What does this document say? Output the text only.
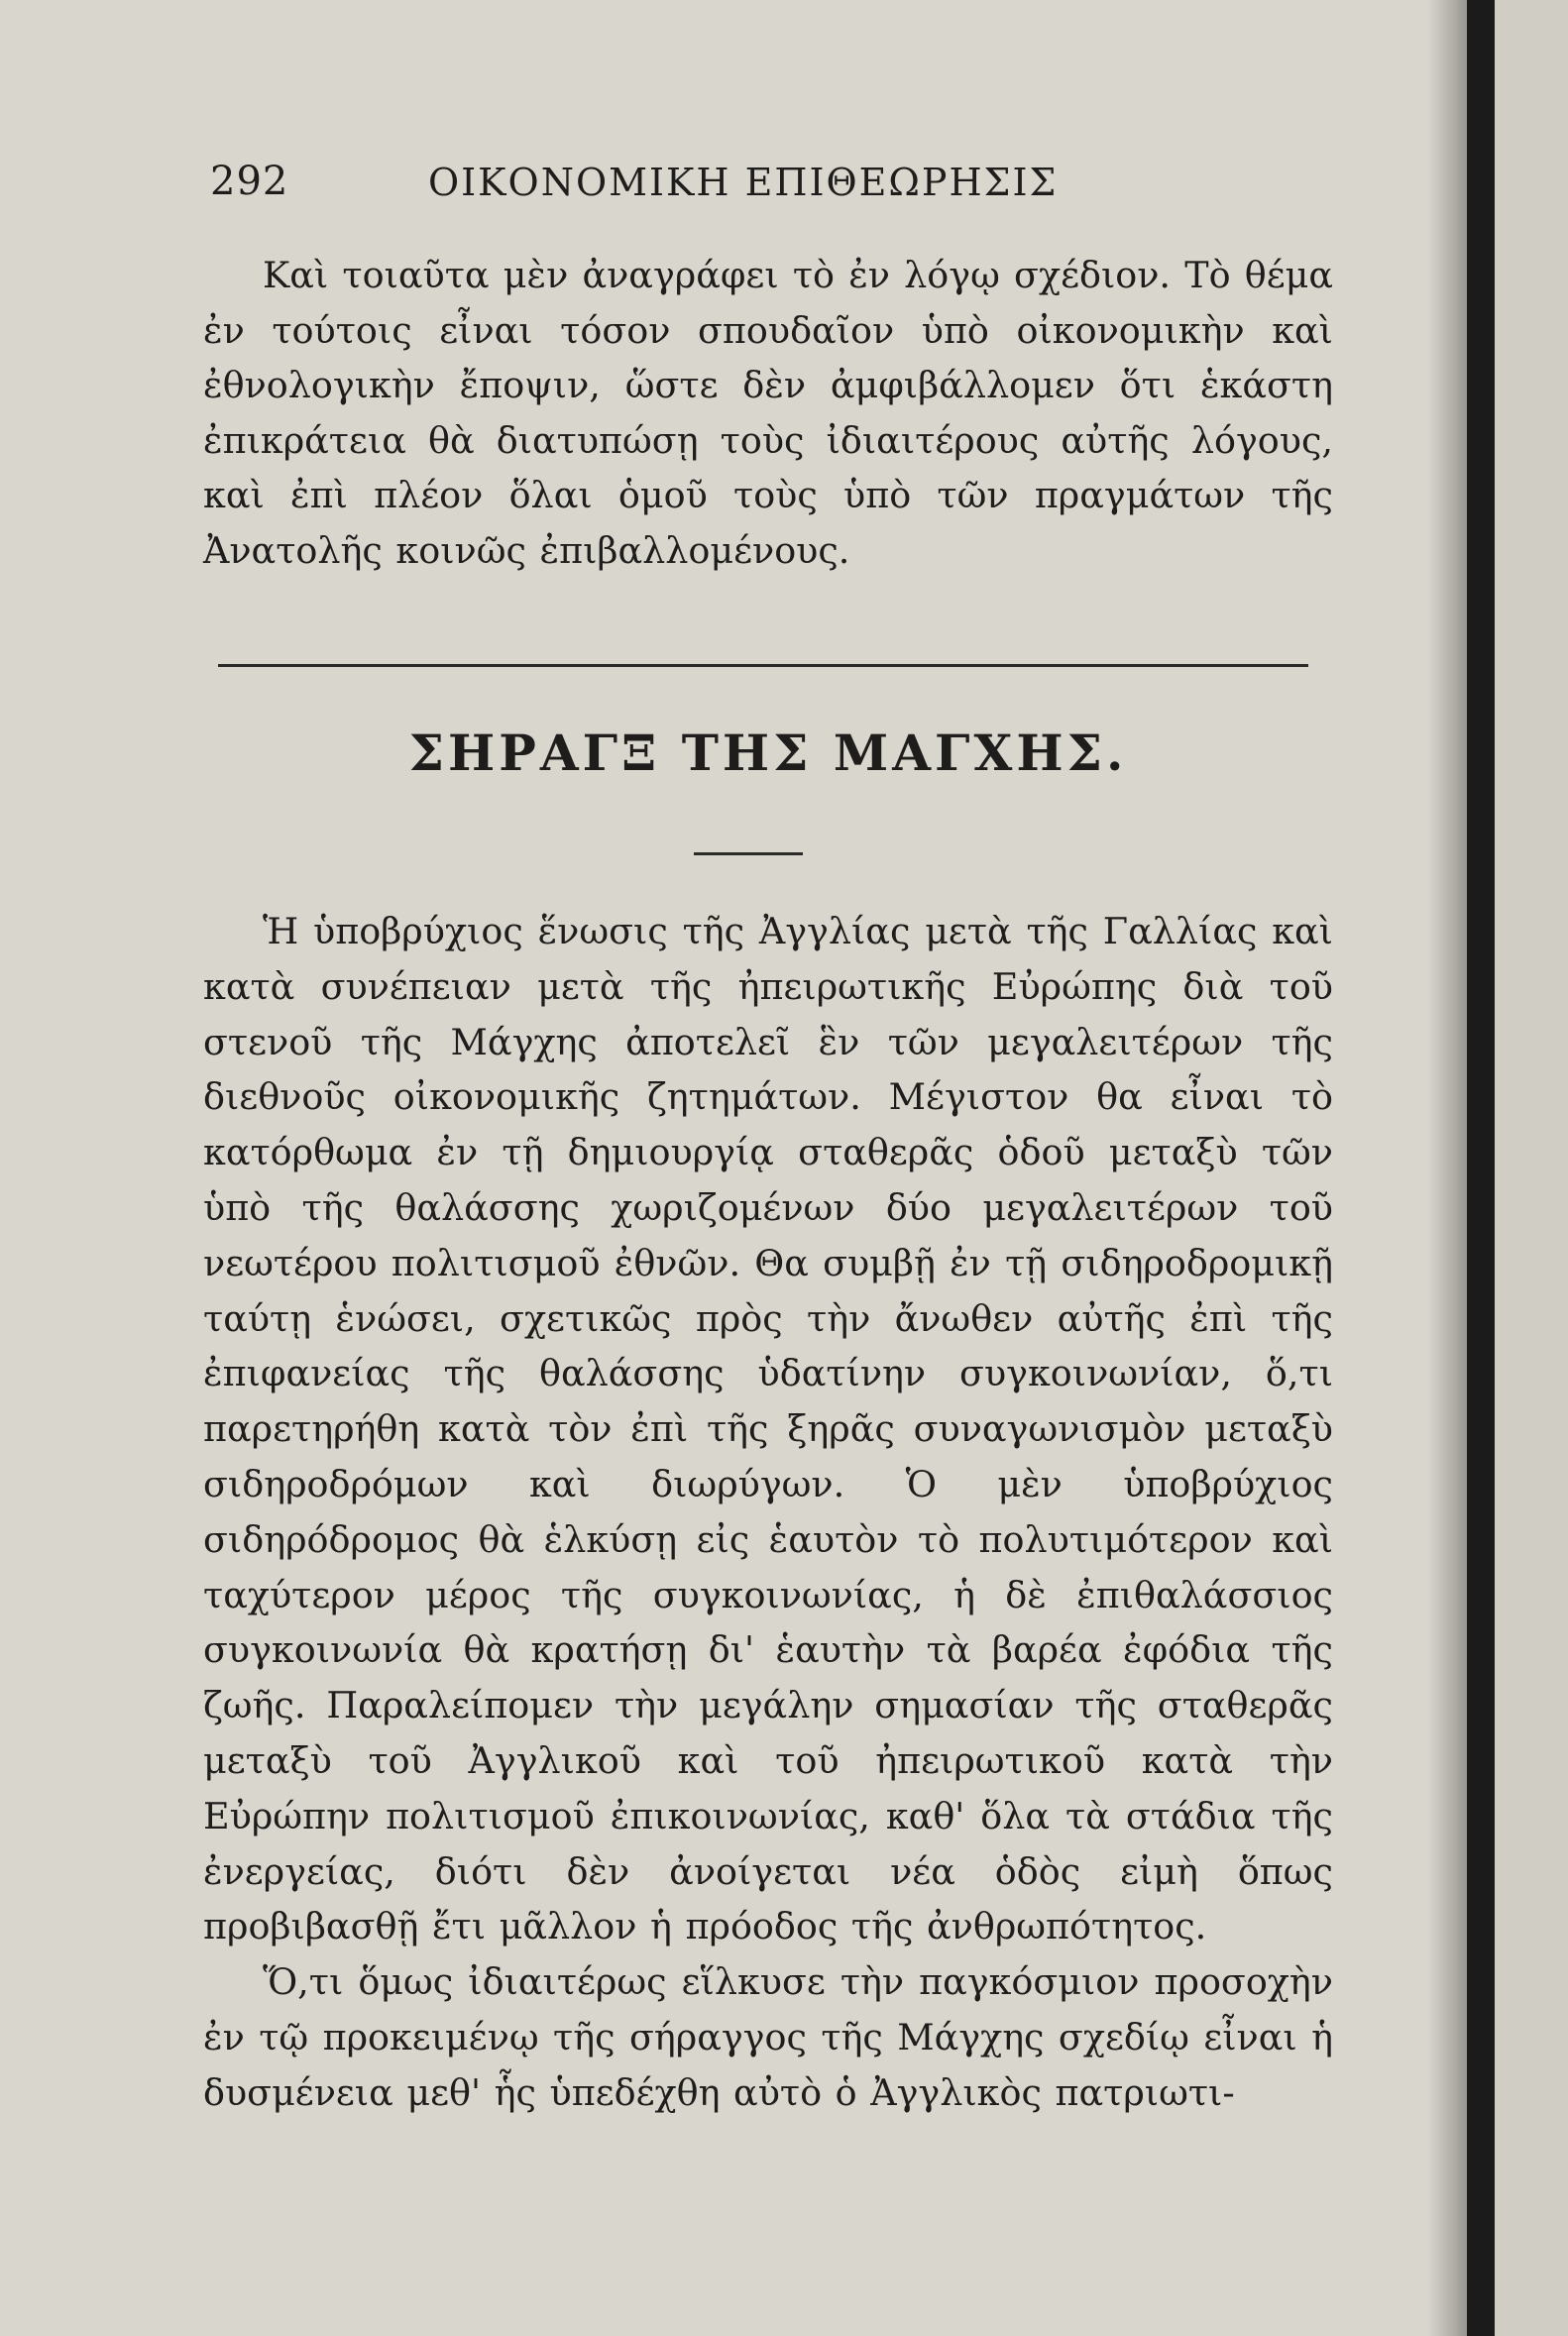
292	ΟΙΚΟΝΟΜΙΚΗ ΕΠΙΘΕΩΡΗΣΙΣ

Καὶ τοιαῦτα μὲν ἀναγράφει τὸ ἐν λόγῳ σχέδιον. Τὸ θέμα ἐν τούτοις εἶναι τόσον σπουδαῖον ὑπὸ οἰκονομικὴν καὶ ἐθνολογικὴν ἔποψιν, ὥστε δὲν ἀμφιβάλλομεν ὅτι ἑκάστη ἐπικράτεια θὰ διατυπώσῃ τοὺς ἰδιαιτέρους αὐτῆς λόγους, καὶ ἐπὶ πλέον ὅλαι ὁμοῦ τοὺς ὑπὸ τῶν πραγμάτων τῆς Ἀνατολῆς κοινῶς ἐπιβαλλομένους.

ΣΗΡΑΓΞ ΤΗΣ ΜΑΓΧΗΣ.

Ἡ ὑποβρύχιος ἕνωσις τῆς Ἀγγλίας μετὰ τῆς Γαλλίας καὶ κατὰ συνέπειαν μετὰ τῆς ἠπειρωτικῆς Εὐρώπης διὰ τοῦ στενοῦ τῆς Μάγχης ἀποτελεῖ ἓν τῶν μεγαλειτέρων τῆς διεθνοῦς οἰκονομικῆς ζητημάτων. Μέγιστον θα εἶναι τὸ κατόρθωμα ἐν τῇ δημιουργίᾳ σταθερᾶς ὁδοῦ μεταξὺ τῶν ὑπὸ τῆς θαλάσσης χωριζομένων δύο μεγαλειτέρων τοῦ νεωτέρου πολιτισμοῦ ἐθνῶν. Θα συμβῇ ἐν τῇ σιδηροδρομικῇ ταύτῃ ἑνώσει, σχετικῶς πρὸς τὴν ἄνωθεν αὐτῆς ἐπὶ τῆς ἐπιφανείας τῆς θαλάσσης ὑδατίνην συγκοινωνίαν, ὅ,τι παρετηρήθη κατὰ τὸν ἐπὶ τῆς ξηρᾶς συναγωνισμὸν μεταξὺ σιδηροδρόμων καὶ διωρύγων. Ὁ μὲν ὑποβρύχιος σιδηρόδρομος θὰ ἑλκύσῃ εἰς ἑαυτὸν τὸ πολυτιμότερον καὶ ταχύτερον μέρος τῆς συγκοινωνίας, ἡ δὲ ἐπιθαλάσσιος συγκοινωνία θὰ κρατήσῃ δι' ἑαυτὴν τὰ βαρέα ἐφόδια τῆς ζωῆς. Παραλείπομεν τὴν μεγάλην σημασίαν τῆς σταθερᾶς μεταξὺ τοῦ Ἀγγλικοῦ καὶ τοῦ ἠπειρωτικοῦ κατὰ τὴν Εὐρώπην πολιτισμοῦ ἐπικοινωνίας, καθ' ὅλα τὰ στάδια τῆς ἐνεργείας, διότι δὲν ἀνοίγεται νέα ὁδὸς εἰμὴ ὅπως προβιβασθῇ ἔτι μᾶλλον ἡ πρόοδος τῆς ἀνθρωπότητος.

Ὅ,τι ὅμως ἰδιαιτέρως εἵλκυσε τὴν παγκόσμιον προσοχὴν ἐν τῷ προκειμένῳ τῆς σήραγγος τῆς Μάγχης σχεδίῳ εἶναι ἡ δυσμένεια μεθ' ἧς ὑπεδέχθη αὐτὸ ὁ Ἀγγλικὸς πατριωτι-
